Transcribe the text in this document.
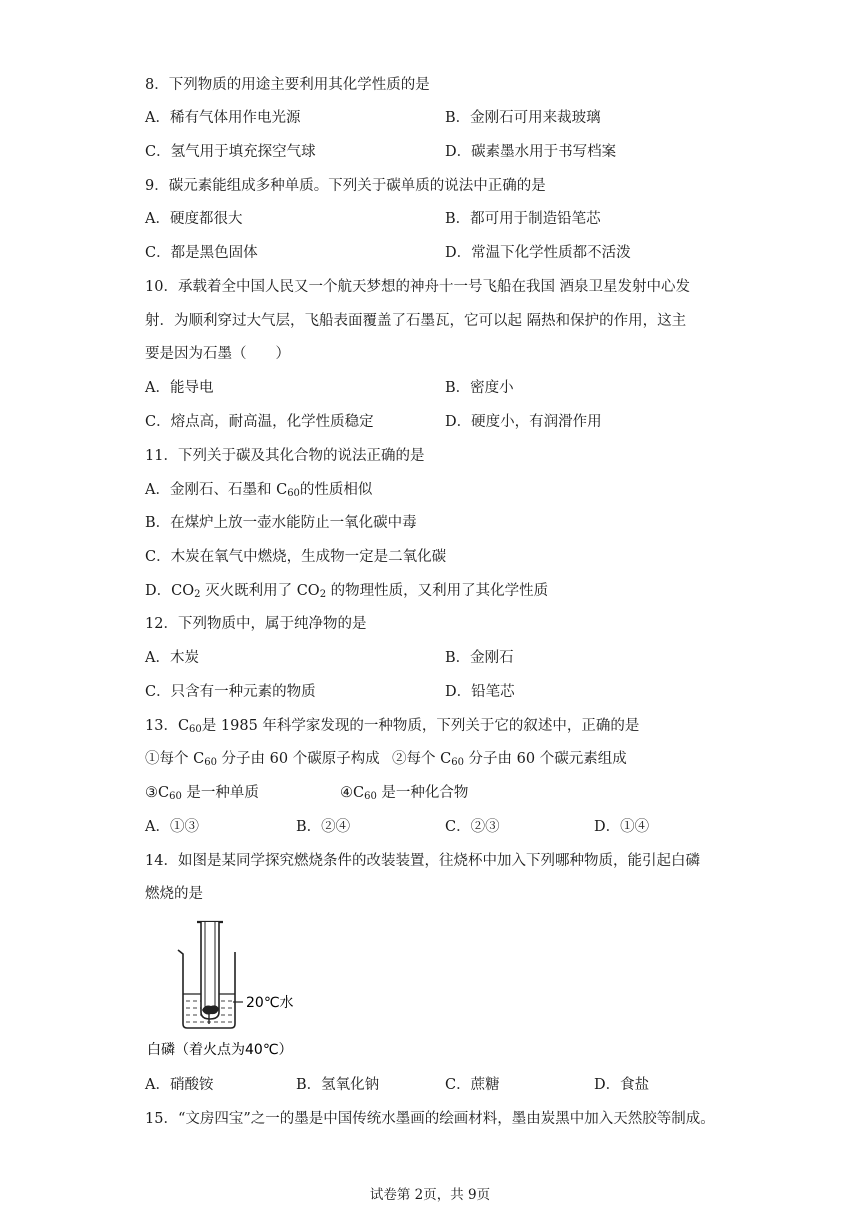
8．下列物质的用途主要利用其化学性质的是
A．稀有气体用作电光源	B．金刚石可用来裁玻璃
C．氢气用于填充探空气球	D．碳素墨水用于书写档案
9．碳元素能组成多种单质。下列关于碳单质的说法中正确的是
A．硬度都很大	B．都可用于制造铅笔芯
C．都是黑色固体	D．常温下化学性质都不活泼
10．承载着全中国人民又一个航天梦想的神舟十一号飞船在我国 酒泉卫星发射中心发
射．为顺利穿过大气层，飞船表面覆盖了石墨瓦，它可以起 隔热和保护的作用，这主
要是因为石墨（　　）
A．能导电	B．密度小
C．熔点高，耐高温，化学性质稳定	D．硬度小，有润滑作用
11．下列关于碳及其化合物的说法正确的是
A．金刚石、石墨和 $C_{60}$的性质相似
B．在煤炉上放一壶水能防止一氧化碳中毒
C．木炭在氧气中燃烧，生成物一定是二氧化碳
D．$CO_2$ 灭火既利用了 $CO_2$ 的物理性质，又利用了其化学性质
12．下列物质中，属于纯净物的是
A．木炭	B．金刚石
C．只含有一种元素的物质	D．铅笔芯
13．$C_{60}$是 1985 年科学家发现的一种物质，下列关于它的叙述中，正确的是
①每个 $C_{60}$ 分子由 60 个碳原子构成 ②每个 $C_{60}$ 分子由 60 个碳元素组成
$③C_{60}$ 是一种单质	$④C_{60}$ 是一种化合物
A．①③	B．②④	C．②③	D．①④
14．如图是某同学探究燃烧条件的改装装置，往烧杯中加入下列哪种物质，能引起白磷
燃烧的是
20℃水
白磷（着火点为40℃）
A．硝酸铵	B．氢氧化钠	C．蔗糖	D．食盐
15．“文房四宝”之一的墨是中国传统水墨画的绘画材料，墨由炭黑中加入天然胶等制成。
试卷第 2页，共 9页
